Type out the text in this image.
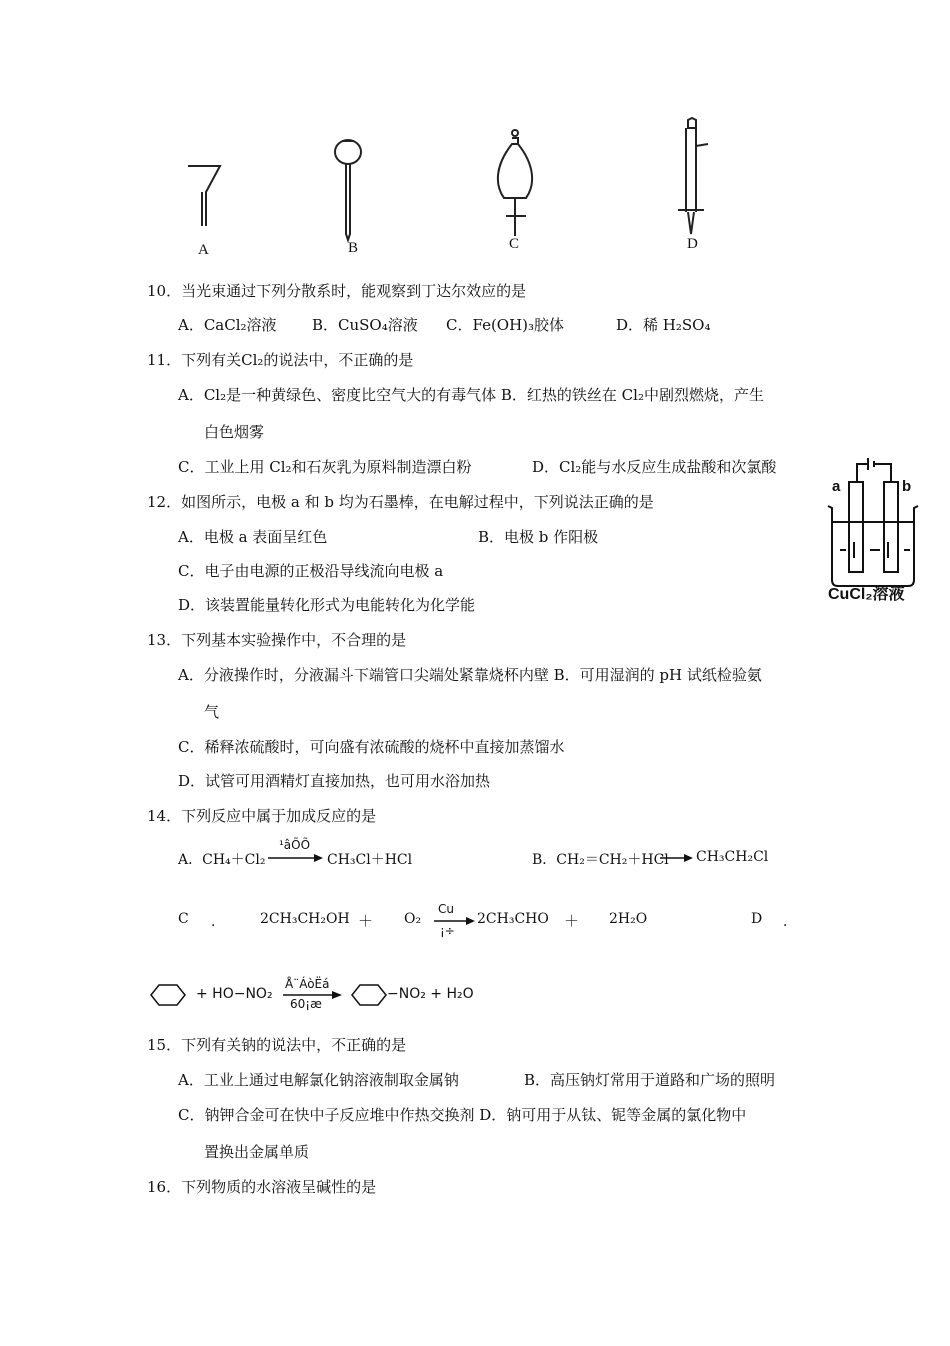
A	B	C	D
10．当光束通过下列分散系时，能观察到丁达尔效应的是
A．CaCl₂溶液 B．CuSO₄溶液 C．Fe(OH)₃胶体	D．稀 H₂SO₄
11．下列有关Cl₂的说法中，不正确的是
A．Cl₂是一种黄绿色、密度比空气大的有毒气体 B．红热的铁丝在 Cl₂中剧烈燃烧，产生
白色烟雾
C．工业上用 Cl₂和石灰乳为原料制造漂白粉	D．Cl₂能与水反应生成盐酸和次氯酸
12．如图所示，电极 a 和 b 均为石墨棒，在电解过程中，下列说法正确的是
A．电极 a 表面呈红色	B．电极 b 作阳极
C．电子由电源的正极沿导线流向电极 a
D．该装置能量转化形式为电能转化为化学能
a	b
CuCl₂溶液
13．下列基本实验操作中，不合理的是
A．分液操作时，分液漏斗下端管口尖端处紧靠烧杯内壁 B．可用湿润的 pH 试纸检验氨
气
C．稀释浓硫酸时，可向盛有浓硫酸的烧杯中直接加蒸馏水
D．试管可用酒精灯直接加热，也可用水浴加热
14．下列反应中属于加成反应的是
A．CH₄＋Cl₂
¹âÕÕ
CH₃Cl＋HCl	B．CH₂＝CH₂＋HCl CH₃CH₂Cl
C ．	2CH₃CH₂OH ＋ O₂
Cu
¡÷
2CH₃CHO ＋ 2H₂O	D ．
+ HO−NO₂
Å¨ÁòËá
60¡æ
−NO₂ + H₂O
15．下列有关钠的说法中，不正确的是
A．工业上通过电解氯化钠溶液制取金属钠	B．高压钠灯常用于道路和广场的照明
C．钠钾合金可在快中子反应堆中作热交换剂 D．钠可用于从钛、铌等金属的氯化物中
置换出金属单质
16．下列物质的水溶液呈碱性的是
